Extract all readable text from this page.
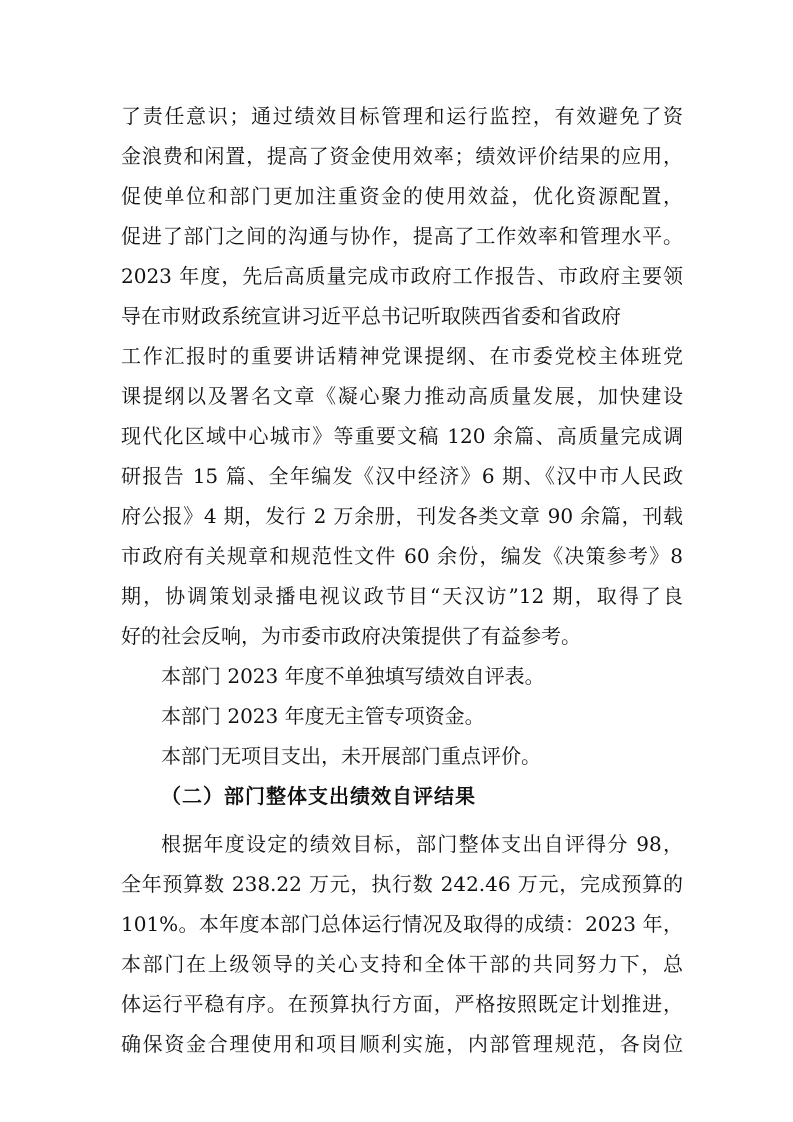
了责任意识；通过绩效目标管理和运行监控，有效避免了资
金浪费和闲置，提高了资金使用效率；绩效评价结果的应用，
促使单位和部门更加注重资金的使用效益，优化资源配置，
促进了部门之间的沟通与协作，提高了工作效率和管理水平。
2023 年度，先后高质量完成市政府工作报告、市政府主要领
导在市财政系统宣讲习近平总书记听取陕西省委和省政府
工作汇报时的重要讲话精神党课提纲、在市委党校主体班党
课提纲以及署名文章《凝心聚力推动高质量发展，加快建设
现代化区域中心城市》等重要文稿 120 余篇、高质量完成调
研报告 15 篇、全年编发《汉中经济》6 期、《汉中市人民政
府公报》4 期，发行 2 万余册，刊发各类文章 90 余篇，刊载
市政府有关规章和规范性文件 60 余份，编发《决策参考》8
期，协调策划录播电视议政节目“天汉访”12 期，取得了良
好的社会反响，为市委市政府决策提供了有益参考。
本部门 2023 年度不单独填写绩效自评表。
本部门 2023 年度无主管专项资金。
本部门无项目支出，未开展部门重点评价。
（二）部门整体支出绩效自评结果
根据年度设定的绩效目标，部门整体支出自评得分 98，
全年预算数 238.22 万元，执行数 242.46 万元，完成预算的
101%。本年度本部门总体运行情况及取得的成绩：2023 年，
本部门在上级领导的关心支持和全体干部的共同努力下，总
体运行平稳有序。在预算执行方面，严格按照既定计划推进，
确保资金合理使用和项目顺利实施，内部管理规范，各岗位
